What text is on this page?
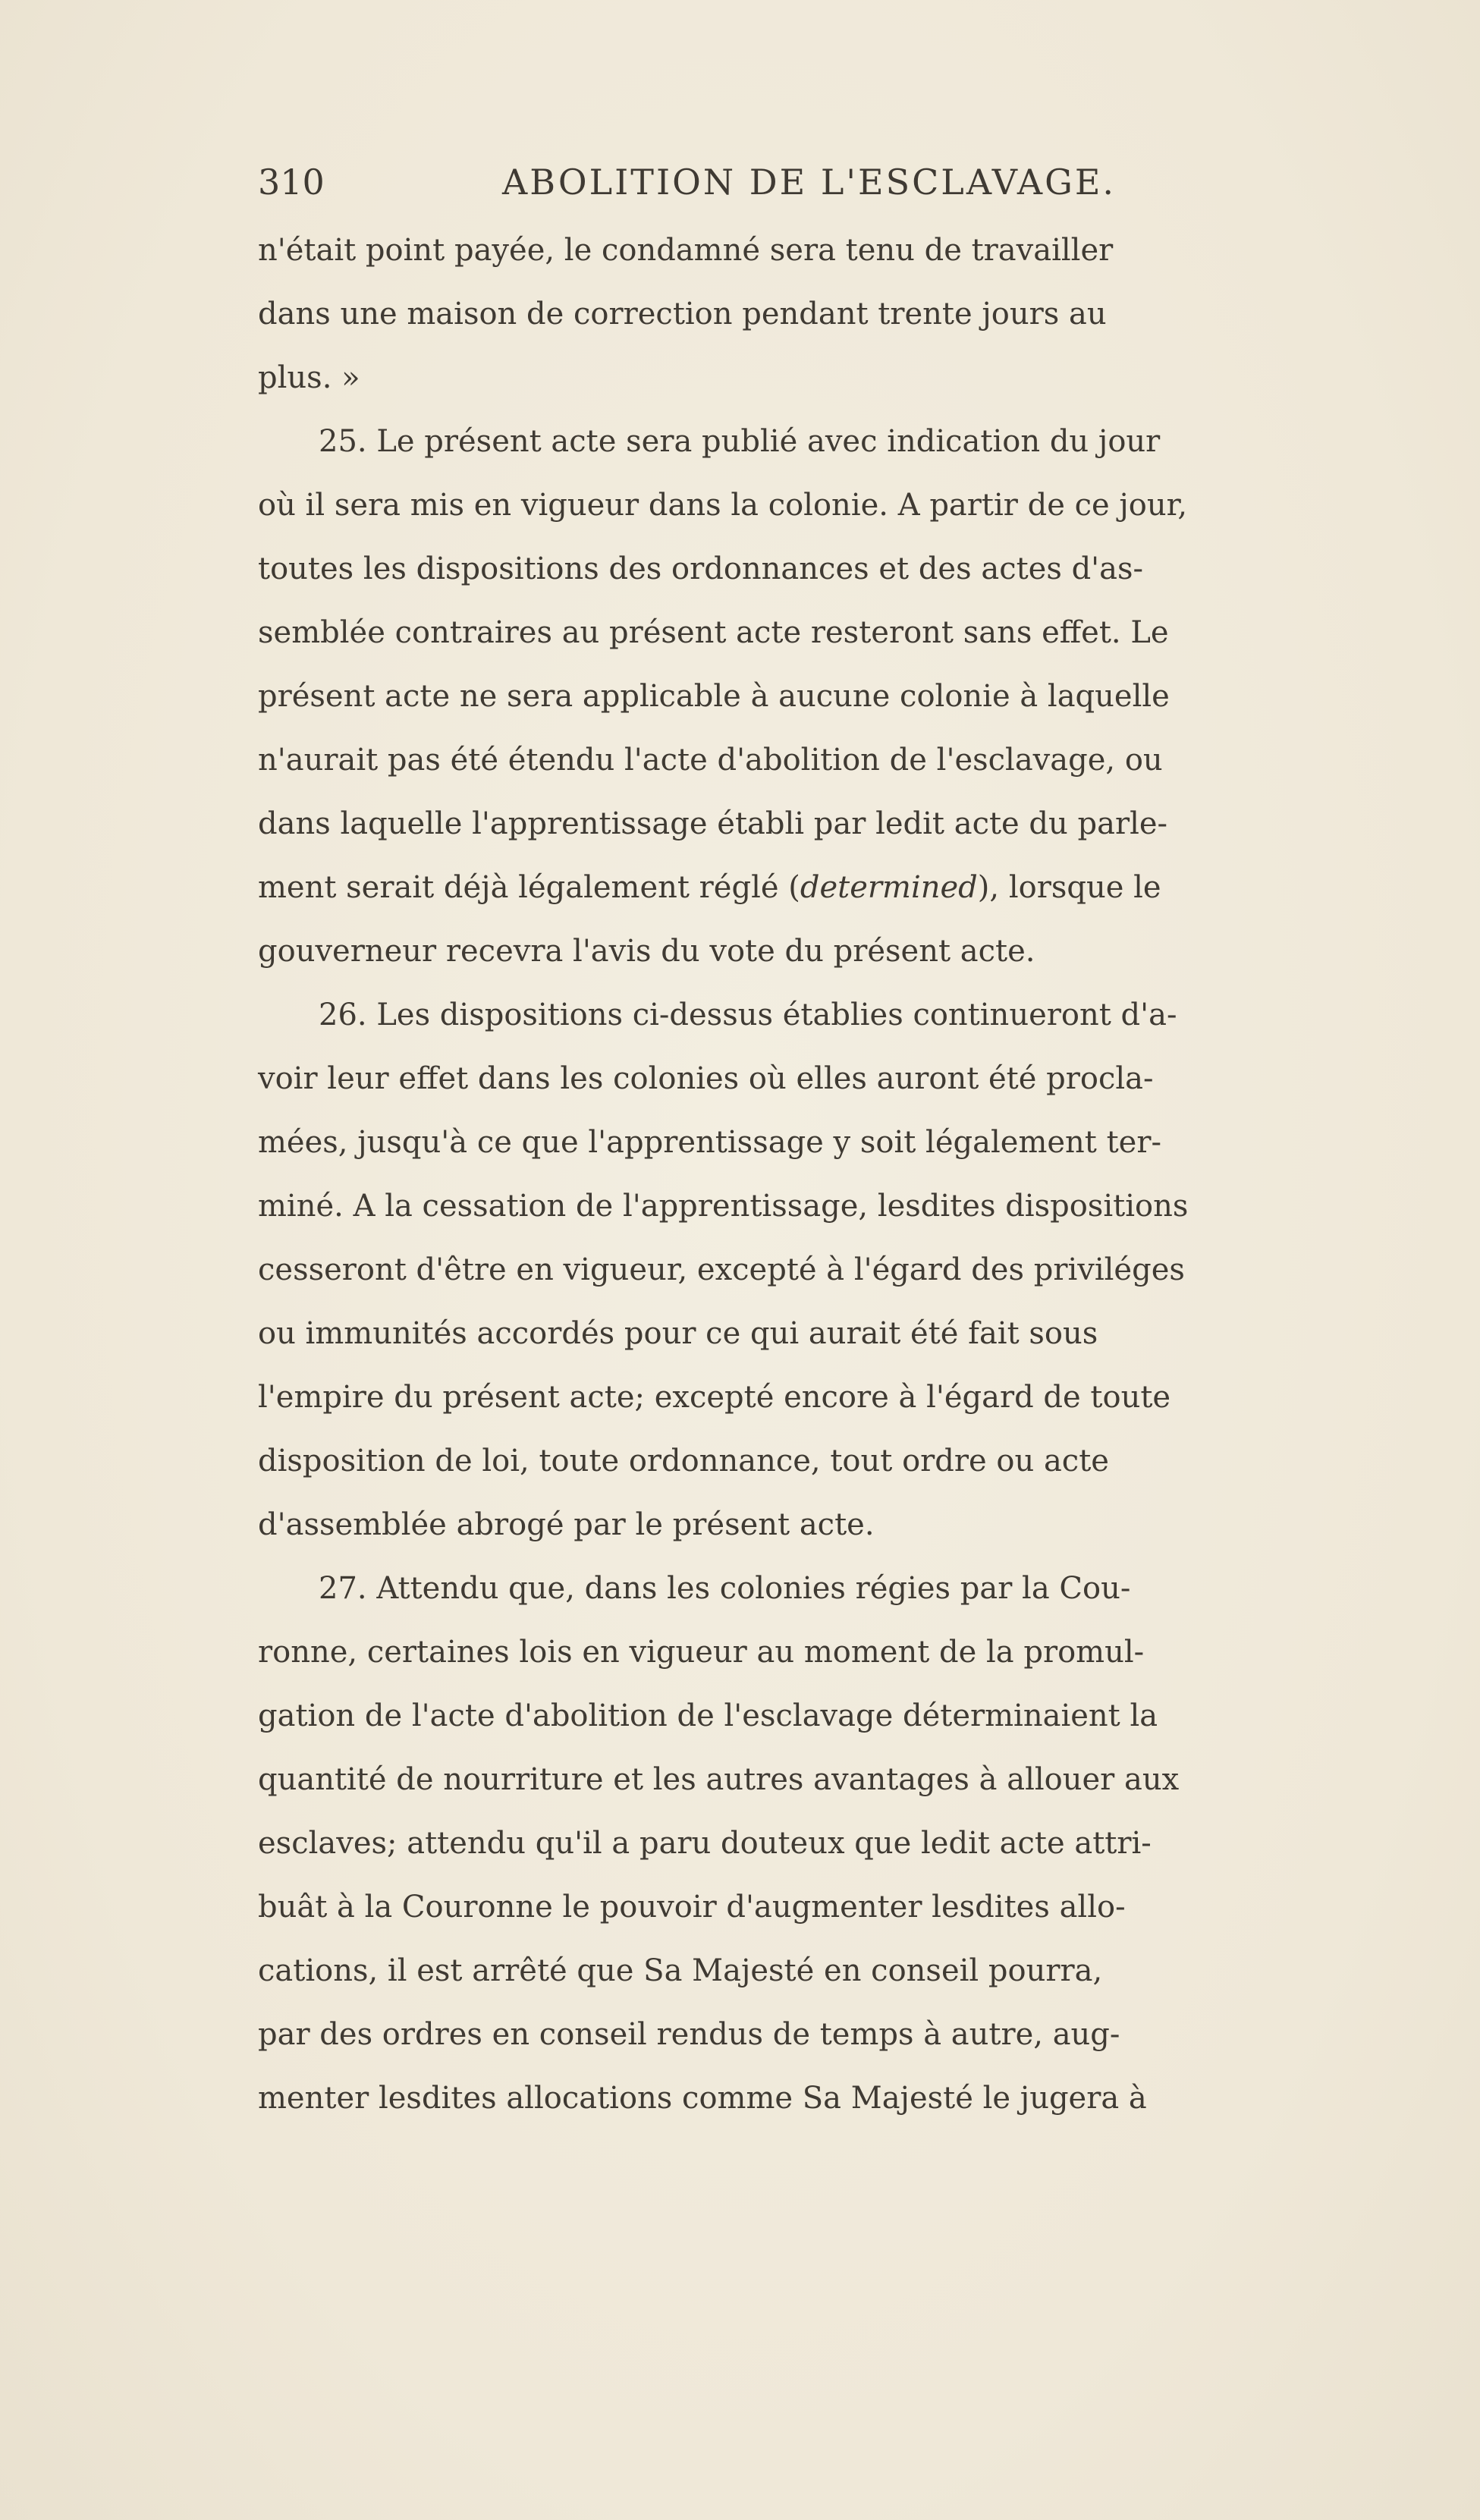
310	ABOLITION DE L'ESCLAVAGE.
n'était point payée, le condamné sera tenu de travailler
dans une maison de correction pendant trente jours au
plus. »
25. Le présent acte sera publié avec indication du jour
où il sera mis en vigueur dans la colonie. A partir de ce jour,
toutes les dispositions des ordonnances et des actes d'as-
semblée contraires au présent acte resteront sans effet. Le
présent acte ne sera applicable à aucune colonie à laquelle
n'aurait pas été étendu l'acte d'abolition de l'esclavage, ou
dans laquelle l'apprentissage établi par ledit acte du parle-
ment serait déjà légalement réglé (determined), lorsque le
gouverneur recevra l'avis du vote du présent acte.
26. Les dispositions ci-dessus établies continueront d'a-
voir leur effet dans les colonies où elles auront été procla-
mées, jusqu'à ce que l'apprentissage y soit légalement ter-
miné. A la cessation de l'apprentissage, lesdites dispositions
cesseront d'être en vigueur, excepté à l'égard des priviléges
ou immunités accordés pour ce qui aurait été fait sous
l'empire du présent acte; excepté encore à l'égard de toute
disposition de loi, toute ordonnance, tout ordre ou acte
d'assemblée abrogé par le présent acte.
27. Attendu que, dans les colonies régies par la Cou-
ronne, certaines lois en vigueur au moment de la promul-
gation de l'acte d'abolition de l'esclavage déterminaient la
quantité de nourriture et les autres avantages à allouer aux
esclaves; attendu qu'il a paru douteux que ledit acte attri-
buât à la Couronne le pouvoir d'augmenter lesdites allo-
cations, il est arrêté que Sa Majesté en conseil pourra,
par des ordres en conseil rendus de temps à autre, aug-
menter lesdites allocations comme Sa Majesté le jugera à
